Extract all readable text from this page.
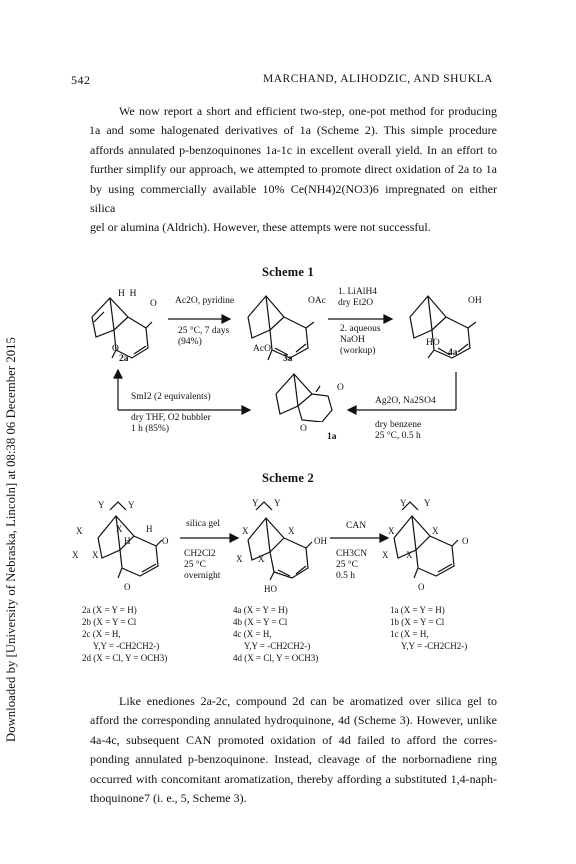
Downloaded by [University of Nebraska, Lincoln] at 08:38 06 December 2015
542	MARCHAND, ALIHODZIC, AND SHUKLA

We now report a short and efficient two-step, one-pot method for producing

1a and some halogenated derivatives of 1a (Scheme 2). This simple procedure

affords annulated p-benzoquinones 1a-1c in excellent overall yield. In an effort to

further simplify our approach, we attempted to promote direct oxidation of 2a to 1a

by using commercially available 10% Ce(NH4)2(NO3)6 impregnated on either silica

gel or alumina (Aldrich). However, these attempts were not successful.

Scheme 1
H  H
O
O
2a
Ac2O, pyridine
25 °C, 7 days
(94%)
OAc
AcO
3a
1. LiAlH4
dry Et2O
2. aqueous
NaOH
(workup)
OH
HO
4a
SmI2 (2 equivalents)
dry THF, O2 bubbler
1 h (85%)
O
O
1a
Ag2O, Na2SO4
dry benzene
25 °C, 0.5 h
Scheme 2
Y	Y
X	X	H
H	O
X X
O
Y Y
X	X
OH
X X
HO
Y Y
X	X
O
X X
O
silica gel
CH2Cl2
25 °C
overnight
CAN
CH3CN
25 °C
0.5 h
2a (X = Y = H)
2b (X = Y = Cl
2c (X = H,
Y,Y = -CH2CH2-)
2d (X = Cl, Y = OCH3)
4a (X = Y = H)
4b (X = Y = Cl
4c (X = H,
Y,Y = -CH2CH2-)
4d (X = Cl, Y = OCH3)
1a (X = Y = H)
1b (X = Y = Cl
1c (X = H,
Y,Y = -CH2CH2-)

Like enediones 2a-2c, compound 2d can be aromatized over silica gel to

afford the corresponding annulated hydroquinone, 4d (Scheme 3). However, unlike

4a-4c, subsequent CAN promoted oxidation of 4d failed to afford the corres-

ponding annulated p-benzoquinone. Instead, cleavage of the norbornadiene ring

occurred with concomitant aromatization, thereby affording a substituted 1,4-naph-

thoquinone7 (i. e., 5, Scheme 3).
